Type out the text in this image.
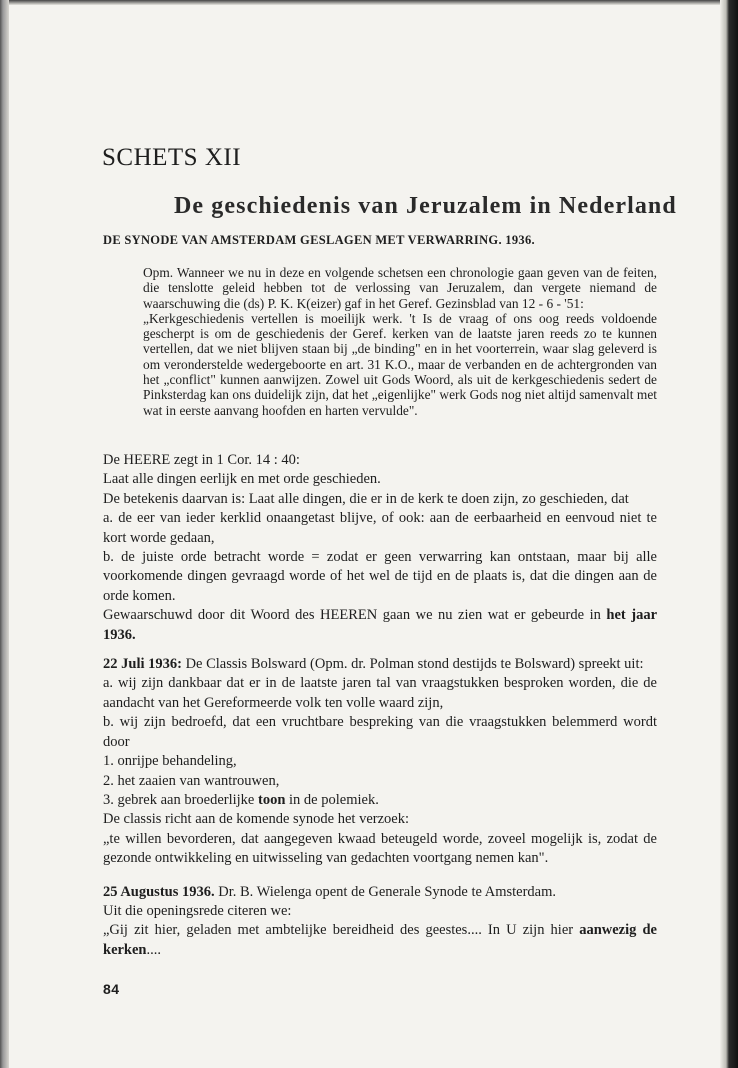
SCHETS XII
De geschiedenis van Jeruzalem in Nederland
DE SYNODE VAN AMSTERDAM GESLAGEN MET VERWARRING. 1936.

Opm. Wanneer we nu in deze en volgende schetsen een chronologie gaan geven van de feiten, die tenslotte geleid hebben tot de verlossing van Jeruzalem, dan vergete niemand de waarschuwing die (ds) P. K. K(eizer) gaf in het Geref. Gezinsblad van 12 - 6 - '51:

„Kerkgeschiedenis vertellen is moeilijk werk. 't Is de vraag of ons oog reeds voldoende gescherpt is om de geschiedenis der Geref. kerken van de laatste jaren reeds zo te kunnen vertellen, dat we niet blijven staan bij „de binding" en in het voorterrein, waar slag geleverd is om veronderstelde wedergeboorte en art. 31 K.O., maar de verbanden en de achtergronden van het „conflict" kunnen aanwijzen. Zowel uit Gods Woord, als uit de kerkgeschiedenis sedert de Pinksterdag kan ons duidelijk zijn, dat het „eigenlijke" werk Gods nog niet altijd samenvalt met wat in eerste aanvang hoofden en harten vervulde".

De HEERE zegt in 1 Cor. 14 : 40:

Laat alle dingen eerlijk en met orde geschieden.

De betekenis daarvan is: Laat alle dingen, die er in de kerk te doen zijn, zo geschieden, dat

a. de eer van ieder kerklid onaangetast blijve, of ook: aan de eerbaarheid en eenvoud niet te kort worde gedaan,

b. de juiste orde betracht worde = zodat er geen verwarring kan ontstaan, maar bij alle voorkomende dingen gevraagd worde of het wel de tijd en de plaats is, dat die dingen aan de orde komen.

Gewaarschuwd door dit Woord des HEEREN gaan we nu zien wat er gebeurde in het jaar 1936.

22 Juli 1936: De Classis Bolsward (Opm. dr. Polman stond destijds te Bolsward) spreekt uit:

a. wij zijn dankbaar dat er in de laatste jaren tal van vraagstukken besproken worden, die de aandacht van het Gereformeerde volk ten volle waard zijn,

b. wij zijn bedroefd, dat een vruchtbare bespreking van die vraagstukken belemmerd wordt door

1. onrijpe behandeling,

2. het zaaien van wantrouwen,

3. gebrek aan broederlijke toon in de polemiek.

De classis richt aan de komende synode het verzoek:

„te willen bevorderen, dat aangegeven kwaad beteugeld worde, zoveel mogelijk is, zodat de gezonde ontwikkeling en uitwisseling van gedachten voortgang nemen kan".

25 Augustus 1936. Dr. B. Wielenga opent de Generale Synode te Amsterdam.

Uit die openingsrede citeren we:

„Gij zit hier, geladen met ambtelijke bereidheid des geestes.... In U zijn hier aanwezig de kerken....

84
